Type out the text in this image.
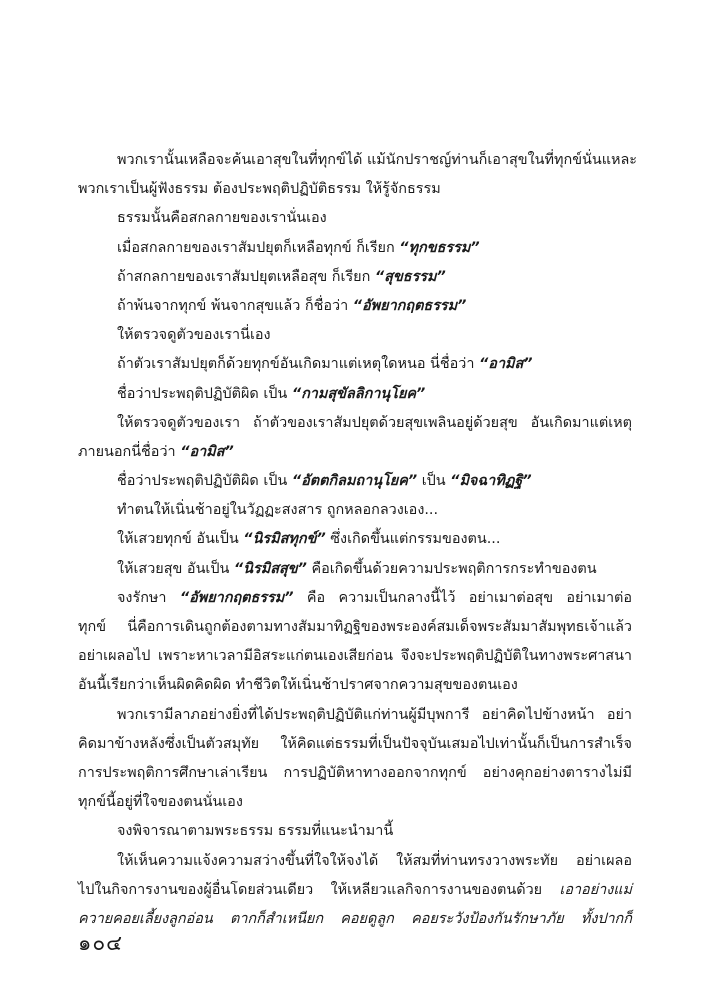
พวกเรานั้นเหลือจะค้นเอาสุขในที่ทุกข์ได้ แม้นักปราชญ์ท่านก็เอาสุขในที่ทุกข์นั่นแหละ
พวกเราเป็นผู้ฟังธรรม ต้องประพฤติปฏิบัติธรรม ให้รู้จักธรรม
ธรรมนั้นคือสกลกายของเรานั่นเอง
เมื่อสกลกายของเราสัมปยุตก็เหลือทุกข์ ก็เรียก “ทุกขธรรม”
ถ้าสกลกายของเราสัมปยุตเหลือสุข ก็เรียก “สุขธรรม”
ถ้าพ้นจากทุกข์ พ้นจากสุขแล้ว ก็ชื่อว่า “อัพยากฤตธรรม”
ให้ตรวจดูตัวของเรานี่เอง
ถ้าตัวเราสัมปยุตก็ด้วยทุกข์อันเกิดมาแต่เหตุใดหนอ นี่ชื่อว่า “อามิส”
ชื่อว่าประพฤติปฏิบัติผิด เป็น “กามสุขัลลิกานุโยค”
ให้ตรวจดูตัวของเรา ถ้าตัวของเราสัมปยุตด้วยสุขเพลินอยู่ด้วยสุข อันเกิดมาแต่เหตุ
ภายนอกนี่ชื่อว่า “อามิส”
ชื่อว่าประพฤติปฏิบัติผิด เป็น “อัตตกิลมถานุโยค” เป็น “มิจฉาทิฏฐิ”
ทำตนให้เนิ่นช้าอยู่ในวัฏฏะสงสาร ถูกหลอกลวงเอง...
ให้เสวยทุกข์ อันเป็น “นิรมิสทุกข์” ซึ่งเกิดขึ้นแต่กรรมของตน...
ให้เสวยสุข อันเป็น “นิรมิสสุข” คือเกิดขึ้นด้วยความประพฤติการกระทำของตน
จงรักษา “อัพยากฤตธรรม” คือ ความเป็นกลางนี้ไว้ อย่าเมาต่อสุข อย่าเมาต่อ
ทุกข์ นี่คือการเดินถูกต้องตามทางสัมมาทิฏฐิของพระองค์สมเด็จพระสัมมาสัมพุทธเจ้าแล้ว
อย่าเผลอไป เพราะหาเวลามีอิสระแก่ตนเองเสียก่อน จึงจะประพฤติปฏิบัติในทางพระศาสนา
อันนี้เรียกว่าเห็นผิดคิดผิด ทำชีวิตให้เนิ่นช้าปราศจากความสุขของตนเอง
พวกเรามีลาภอย่างยิ่งที่ได้ประพฤติปฏิบัติแก่ท่านผู้มีบุพการี อย่าคิดไปข้างหน้า อย่า
คิดมาข้างหลังซึ่งเป็นตัวสมุทัย ให้คิดแต่ธรรมที่เป็นปัจจุบันเสมอไปเท่านั้นก็เป็นการสำเร็จ
การประพฤติการศึกษาเล่าเรียน การปฏิบัติหาทางออกจากทุกข์ อย่างคุกอย่างตารางไม่มี
ทุกข์นี้อยู่ที่ใจของตนนั่นเอง
จงพิจารณาตามพระธรรม ธรรมที่แนะนำมานี้
ให้เห็นความแจ้งความสว่างขึ้นที่ใจให้จงได้ ให้สมที่ท่านทรงวางพระทัย อย่าเผลอ
ไปในกิจการงานของผู้อื่นโดยส่วนเดียว ให้เหลียวแลกิจการงานของตนด้วย เอาอย่างแม่
ควายคอยเลี้ยงลูกอ่อน ตากก็สำเหนียก คอยดูลูก คอยระวังป้องกันรักษาภัย ทั้งปากก็
๑๐๔
